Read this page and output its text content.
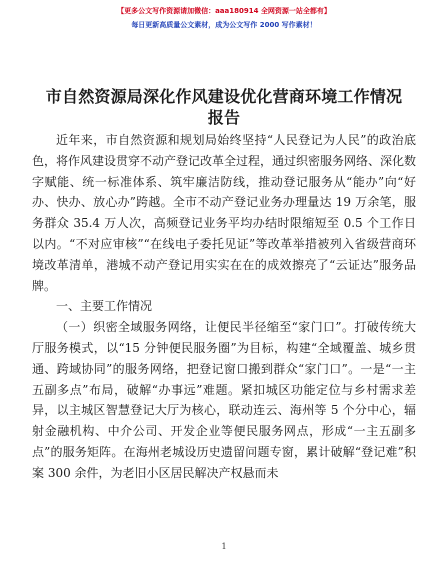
【更多公文写作资源请加微信：aaa180914 全网资源一站全都有】
每日更新高质量公文素材，成为公文写作 2000 写作素材！
市自然资源局深化作风建设优化营商环境工作情况报告

近年来，市自然资源和规划局始终坚持“人民登记为人民”的政治底色，将作风建设贯穿不动产登记改革全过程，通过织密服务网络、深化数字赋能、统一标准体系、筑牢廉洁防线，推动登记服务从“能办”向“好办、快办、放心办”跨越。全市不动产登记业务办理量达 19 万余笔，服务群众 35.4 万人次，高频登记业务平均办结时限缩短至 0.5 个工作日以内。“不对应审核”“在线电子委托见证”等改革举措被列入省级营商环境改革清单，港城不动产登记用实实在在的成效擦亮了“云证达”服务品牌。

一、主要工作情况

（一）织密全域服务网络，让便民半径缩至“家门口”。打破传统大厅服务模式，以“15 分钟便民服务圈”为目标，构建“全域覆盖、城乡贯通、跨域协同”的服务网络，把登记窗口搬到群众“家门口”。一是“一主五副多点”布局，破解“办事远”难题。紧扣城区功能定位与乡村需求差异，以主城区智慧登记大厅为核心，联动连云、海州等 5 个分中心，辐射金融机构、中介公司、开发企业等便民服务网点，形成“一主五副多点”的服务矩阵。在海州老城设历史遗留问题专窗，累计破解“登记难”积案 300 余件，为老旧小区居民解决产权悬而未

1
